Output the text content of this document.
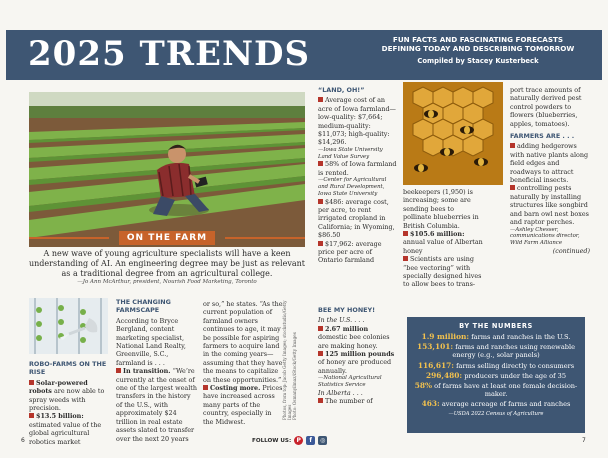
2025 TRENDS	FUN FACTS AND FASCINATING FORECASTS DEFINING TODAY AND DESCRIBING TOMORROW
Compiled by Stacey Kusterbeck
ON THE FARM
A new wave of young agriculture specialists will have a keen understanding of AI. An engineering degree may be just as relevant as a traditional degree from an agricultural college.
—Jo Ann McArthur, president, Nourish Food Marketing, Toronto
ROBO-FARMS ON THE RISE
Solar-powered robots are now able to spray weeds with precision.
$13.5 billion: estimated value of the global agricultural robotics market
THE CHANGING FARMSCAPE
According to Bryce Bergland, content marketing specialist, National Land Realty, Greenville, S.C., farmland is . . .
In transition. “We’re currently at the onset of one of the largest wealth transfers in the history of the U.S., with approximately $24 trillion in real estate assets slated to transfer over the next 20 years
or so,” he states. “As the current population of farmland owners continues to age, it may be possible for aspiring farmers to acquire land in the coming years—assuming that they have the means to capitalize on these opportunities.”
Costing more. Prices have increased across many parts of the country, especially in the Midwest.
Photos, from top: Jacob Getty Images; stockstudio/Getty Images Photo: Osmanyilmaz/iStock/Getty Images
“LAND, OH!”
Average cost of an acre of Iowa farmland—low-quality: $7,664; medium-quality: $11,073; high-quality: $14,296.
—Iowa State University Land Value Survey
58% of Iowa farmland is rented.
—Center for Agricultural and Rural Development, Iowa State University
$486: average cost, per acre, to rent irrigated cropland in California; in Wyoming, $86.50
$17,962: average price per acre of Ontario farmland
BEE MY HONEY!
In the U.S. . . .
2.67 million domestic bee colonies are making honey.
125 million pounds of honey are produced annually.
—National Agricultural Statistics Service
In Alberta . . .
The number of
beekeepers (1,950) is increasing; some are sending bees to pollinate blueberries in British Columbia.
$105.6 million: annual value of Albertan honey
Scientists are using “bee vectoring” with specially designed hives to allow bees to trans-
port trace amounts of naturally derived pest control powders to flowers (blueberries, apples, tomatoes).
FARMERS ARE . . .
adding hedgerows with native plants along field edges and roadways to attract beneficial insects.
controlling pests naturally by installing structures like songbird and barn owl nest boxes and raptor perches.
—Ashley Chesser, communications director, Wild Farm Alliance
(continued)
BY THE NUMBERS
1.9 million: farms and ranches in the U.S.
153,101: farms and ranches using renewable energy (e.g., solar panels)
116,617: farms selling directly to consumers
296,480: producers under the age of 35
58% of farms have at least one female decision-maker.
463: average acreage of farms and ranches
—USDA 2022 Census of Agriculture
6	FOLLOW US: P	f	◎	7
